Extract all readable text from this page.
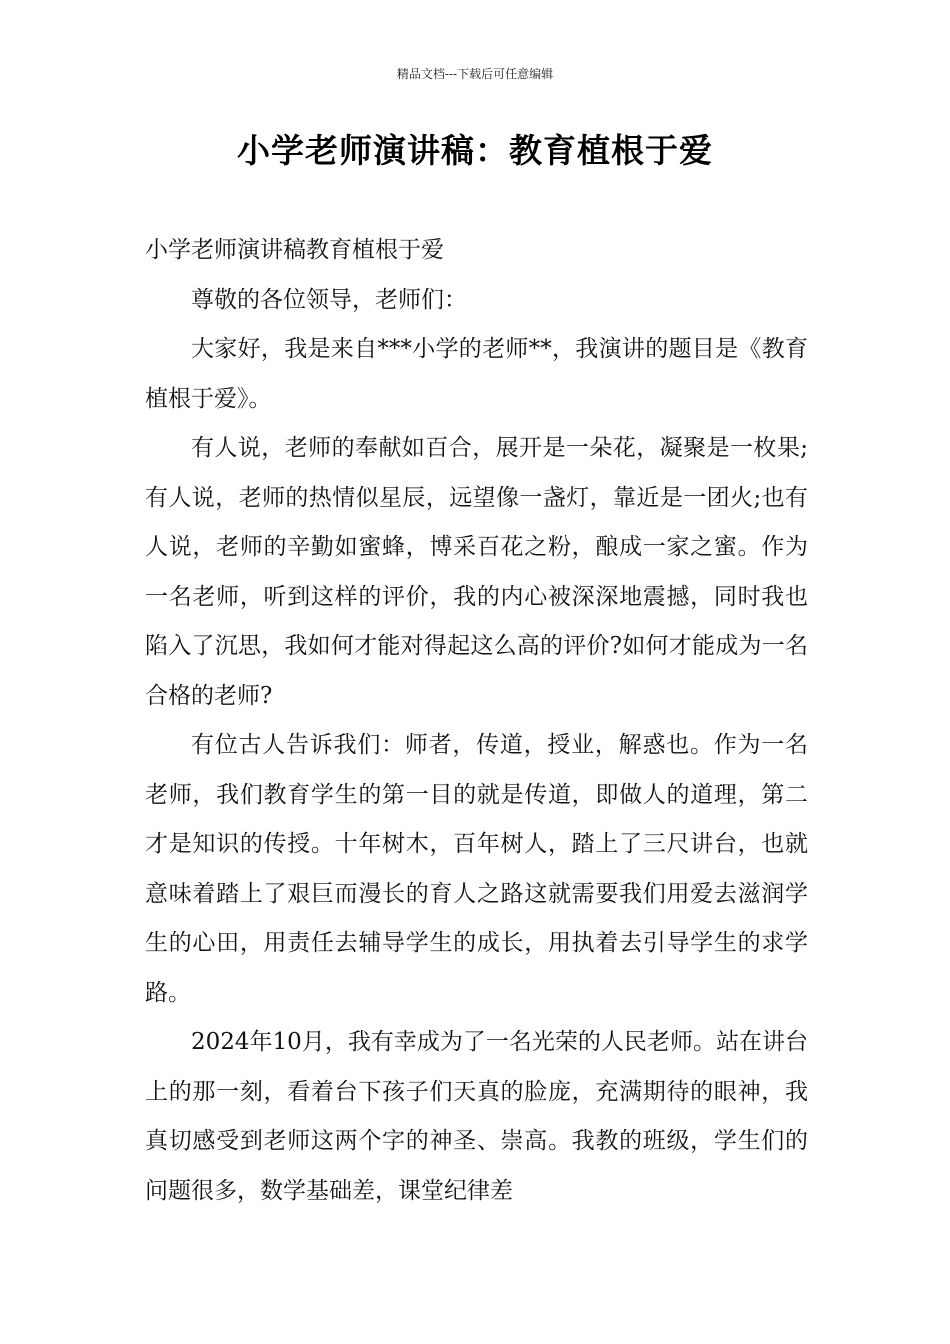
精品文档---下载后可任意编辑
小学老师演讲稿：教育植根于爱

小学老师演讲稿教育植根于爱

尊敬的各位领导，老师们：

大家好，我是来自***小学的老师**，我演讲的题目是《教育植根于爱》。

有人说，老师的奉献如百合，展开是一朵花，凝聚是一枚果;有人说，老师的热情似星辰，远望像一盏灯，靠近是一团火;也有人说，老师的辛勤如蜜蜂，博采百花之粉，酿成一家之蜜。作为一名老师，听到这样的评价，我的内心被深深地震撼，同时我也陷入了沉思，我如何才能对得起这么高的评价?如何才能成为一名合格的老师?

有位古人告诉我们：师者，传道，授业，解惑也。作为一名老师，我们教育学生的第一目的就是传道，即做人的道理，第二才是知识的传授。十年树木，百年树人，踏上了三尺讲台，也就意味着踏上了艰巨而漫长的育人之路这就需要我们用爱去滋润学生的心田，用责任去辅导学生的成长，用执着去引导学生的求学路。

2024年10月，我有幸成为了一名光荣的人民老师。站在讲台上的那一刻，看着台下孩子们天真的脸庞，充满期待的眼神，我真切感受到老师这两个字的神圣、崇高。我教的班级，学生们的问题很多，数学基础差，课堂纪律差
